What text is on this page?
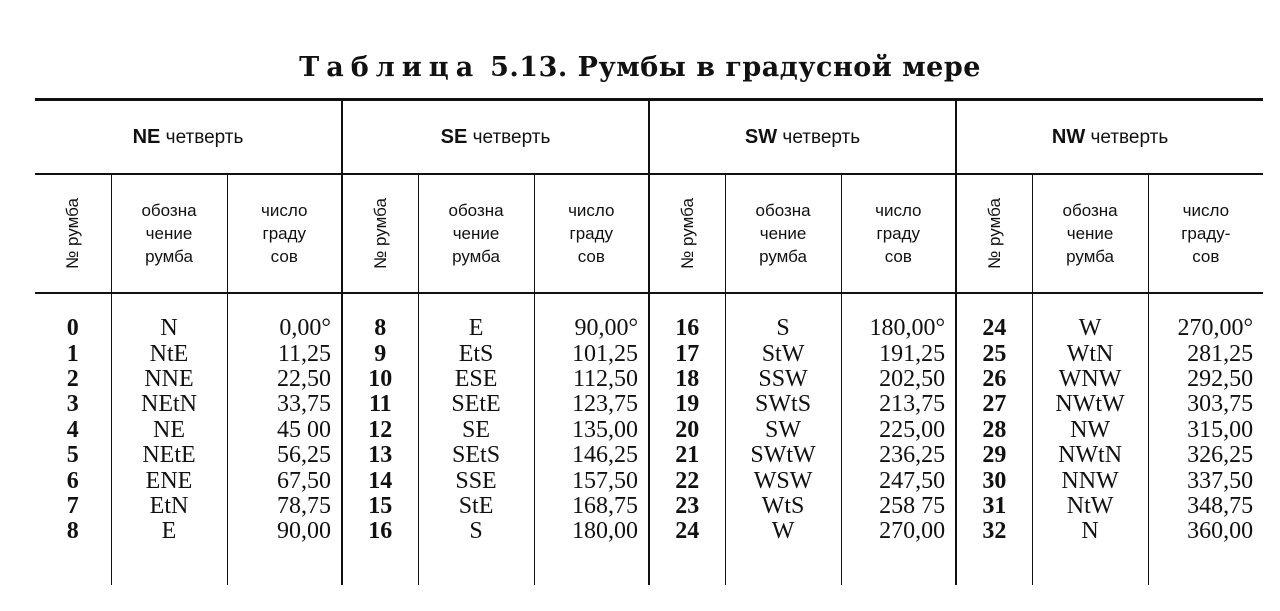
Таблица 5.13. Румбы в градусной мере
NE четверть			SE четверть			SW четверть			NW четверть		
№ румба	обозна
чение
румба	число
граду
сов	№ румба	обозна
чение
румба	число
граду
сов	№ румба	обозна
чение
румба	число
граду
сов	№ румба	обозна
чение
румба	число
граду-
сов

0	N	0,00°	8	E	90,00°	16	S	180,00°	24	W	270,00°
1	NtE	11,25	9	EtS	101,25	17	StW	191,25	25	WtN	281,25
2	NNE	22,50	10	ESE	112,50	18	SSW	202,50	26	WNW	292,50
3	NEtN	33,75	11	SEtE	123,75	19	SWtS	213,75	27	NWtW	303,75
4	NE	45 00	12	SE	135,00	20	SW	225,00	28	NW	315,00
5	NEtE	56,25	13	SEtS	146,25	21	SWtW	236,25	29	NWtN	326,25
6	ENE	67,50	14	SSE	157,50	22	WSW	247,50	30	NNW	337,50
7	EtN	78,75	15	StE	168,75	23	WtS	258 75	31	NtW	348,75
8	E	90,00	16	S	180,00	24	W	270,00	32	N	360,00
